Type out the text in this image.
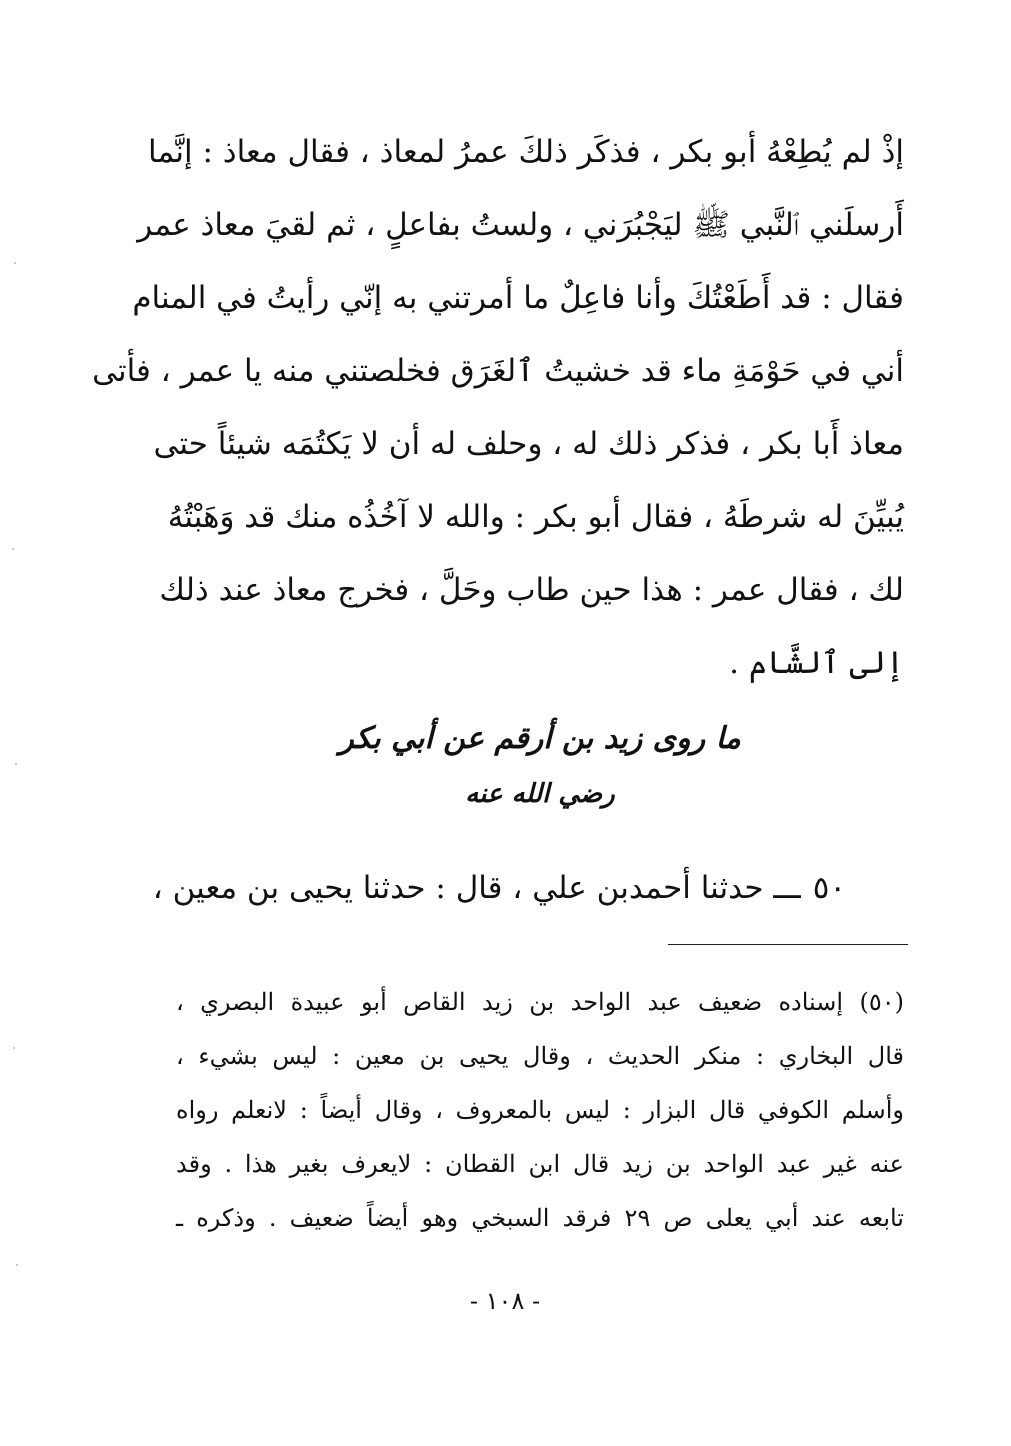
إذْ لم يُطِعْهُ أبو بكر ، فذكَر ذلكَ عمرُ لمعاذ ، فقال معاذ : إنَّما
أَرسلَني ٱلنَّبي ﷺ ليَجْبُرَني ، ولستُ بفاعلٍ ، ثم لقيَ معاذ عمر
فقال : قد أَطَعْتُكَ وأنا فاعِلٌ ما أمرتني به إنّي رأيتُ في المنام
أني في حَوْمَةِ ماء قد خشيتُ ٱلغَرَق فخلصتني منه يا عمر ، فأتى
معاذ أَبا بكر ، فذكر ذلك له ، وحلف له أن لا يَكتُمَه شيئاً حتى
يُبيِّنَ له شرطَهُ ، فقال أبو بكر : والله لا آخُذُه منك قد وَهَبْتُهُ
لك ، فقال عمر : هذا حين طاب وحَلَّ ، فخرج معاذ عند ذلك
إلى ٱلشَّام .
ما روى زيد بن أرقم عن أبي بكر
رضي الله عنه
٥٠ـــ حدثنا أحمدبن علي ، قال : حدثنا يحيى بن معين ،
(٥٠) إسناده ضعيف عبد الواحد بن زيد القاص أبو عبيدة البصري ،
قال البخاري : منكر الحديث ، وقال يحيى بن معين : ليس بشيء ،
وأسلم الكوفي قال البزار : ليس بالمعروف ، وقال أيضاً : لانعلم رواه
عنه غير عبد الواحد بن زيد قال ابن القطان : لايعرف بغير هذا . وقد
تابعه عند أبي يعلى ص ٢٩ فرقد السبخي وهو أيضاً ضعيف . وذكره ـ
- ١٠٨ -
